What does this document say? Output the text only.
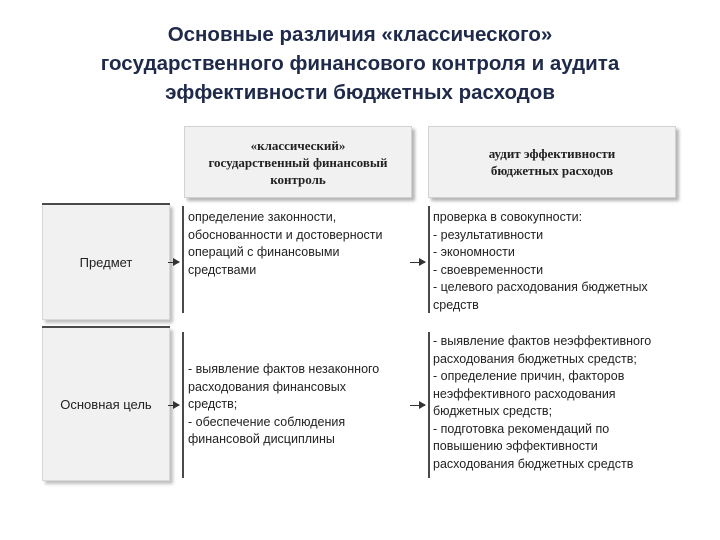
Основные различия «классического»
государственного финансового контроля и аудита
эффективности бюджетных расходов
«классический»
государственный финансовый
контроль
аудит эффективности
бюджетных расходов
Предмет
определение законности,
обоснованности и достоверности
операций с финансовыми
средствами
проверка в совокупности:
- результативности
- экономности
- своевременности
- целевого расходования бюджетных
средств
Основная цель
- выявление фактов незаконного
расходования финансовых
средств;
- обеспечение соблюдения
финансовой дисциплины
- выявление фактов неэффективного
расходования бюджетных средств;
- определение причин, факторов
неэффективного расходования
бюджетных средств;
- подготовка рекомендаций по
повышению эффективности
расходования бюджетных средств
